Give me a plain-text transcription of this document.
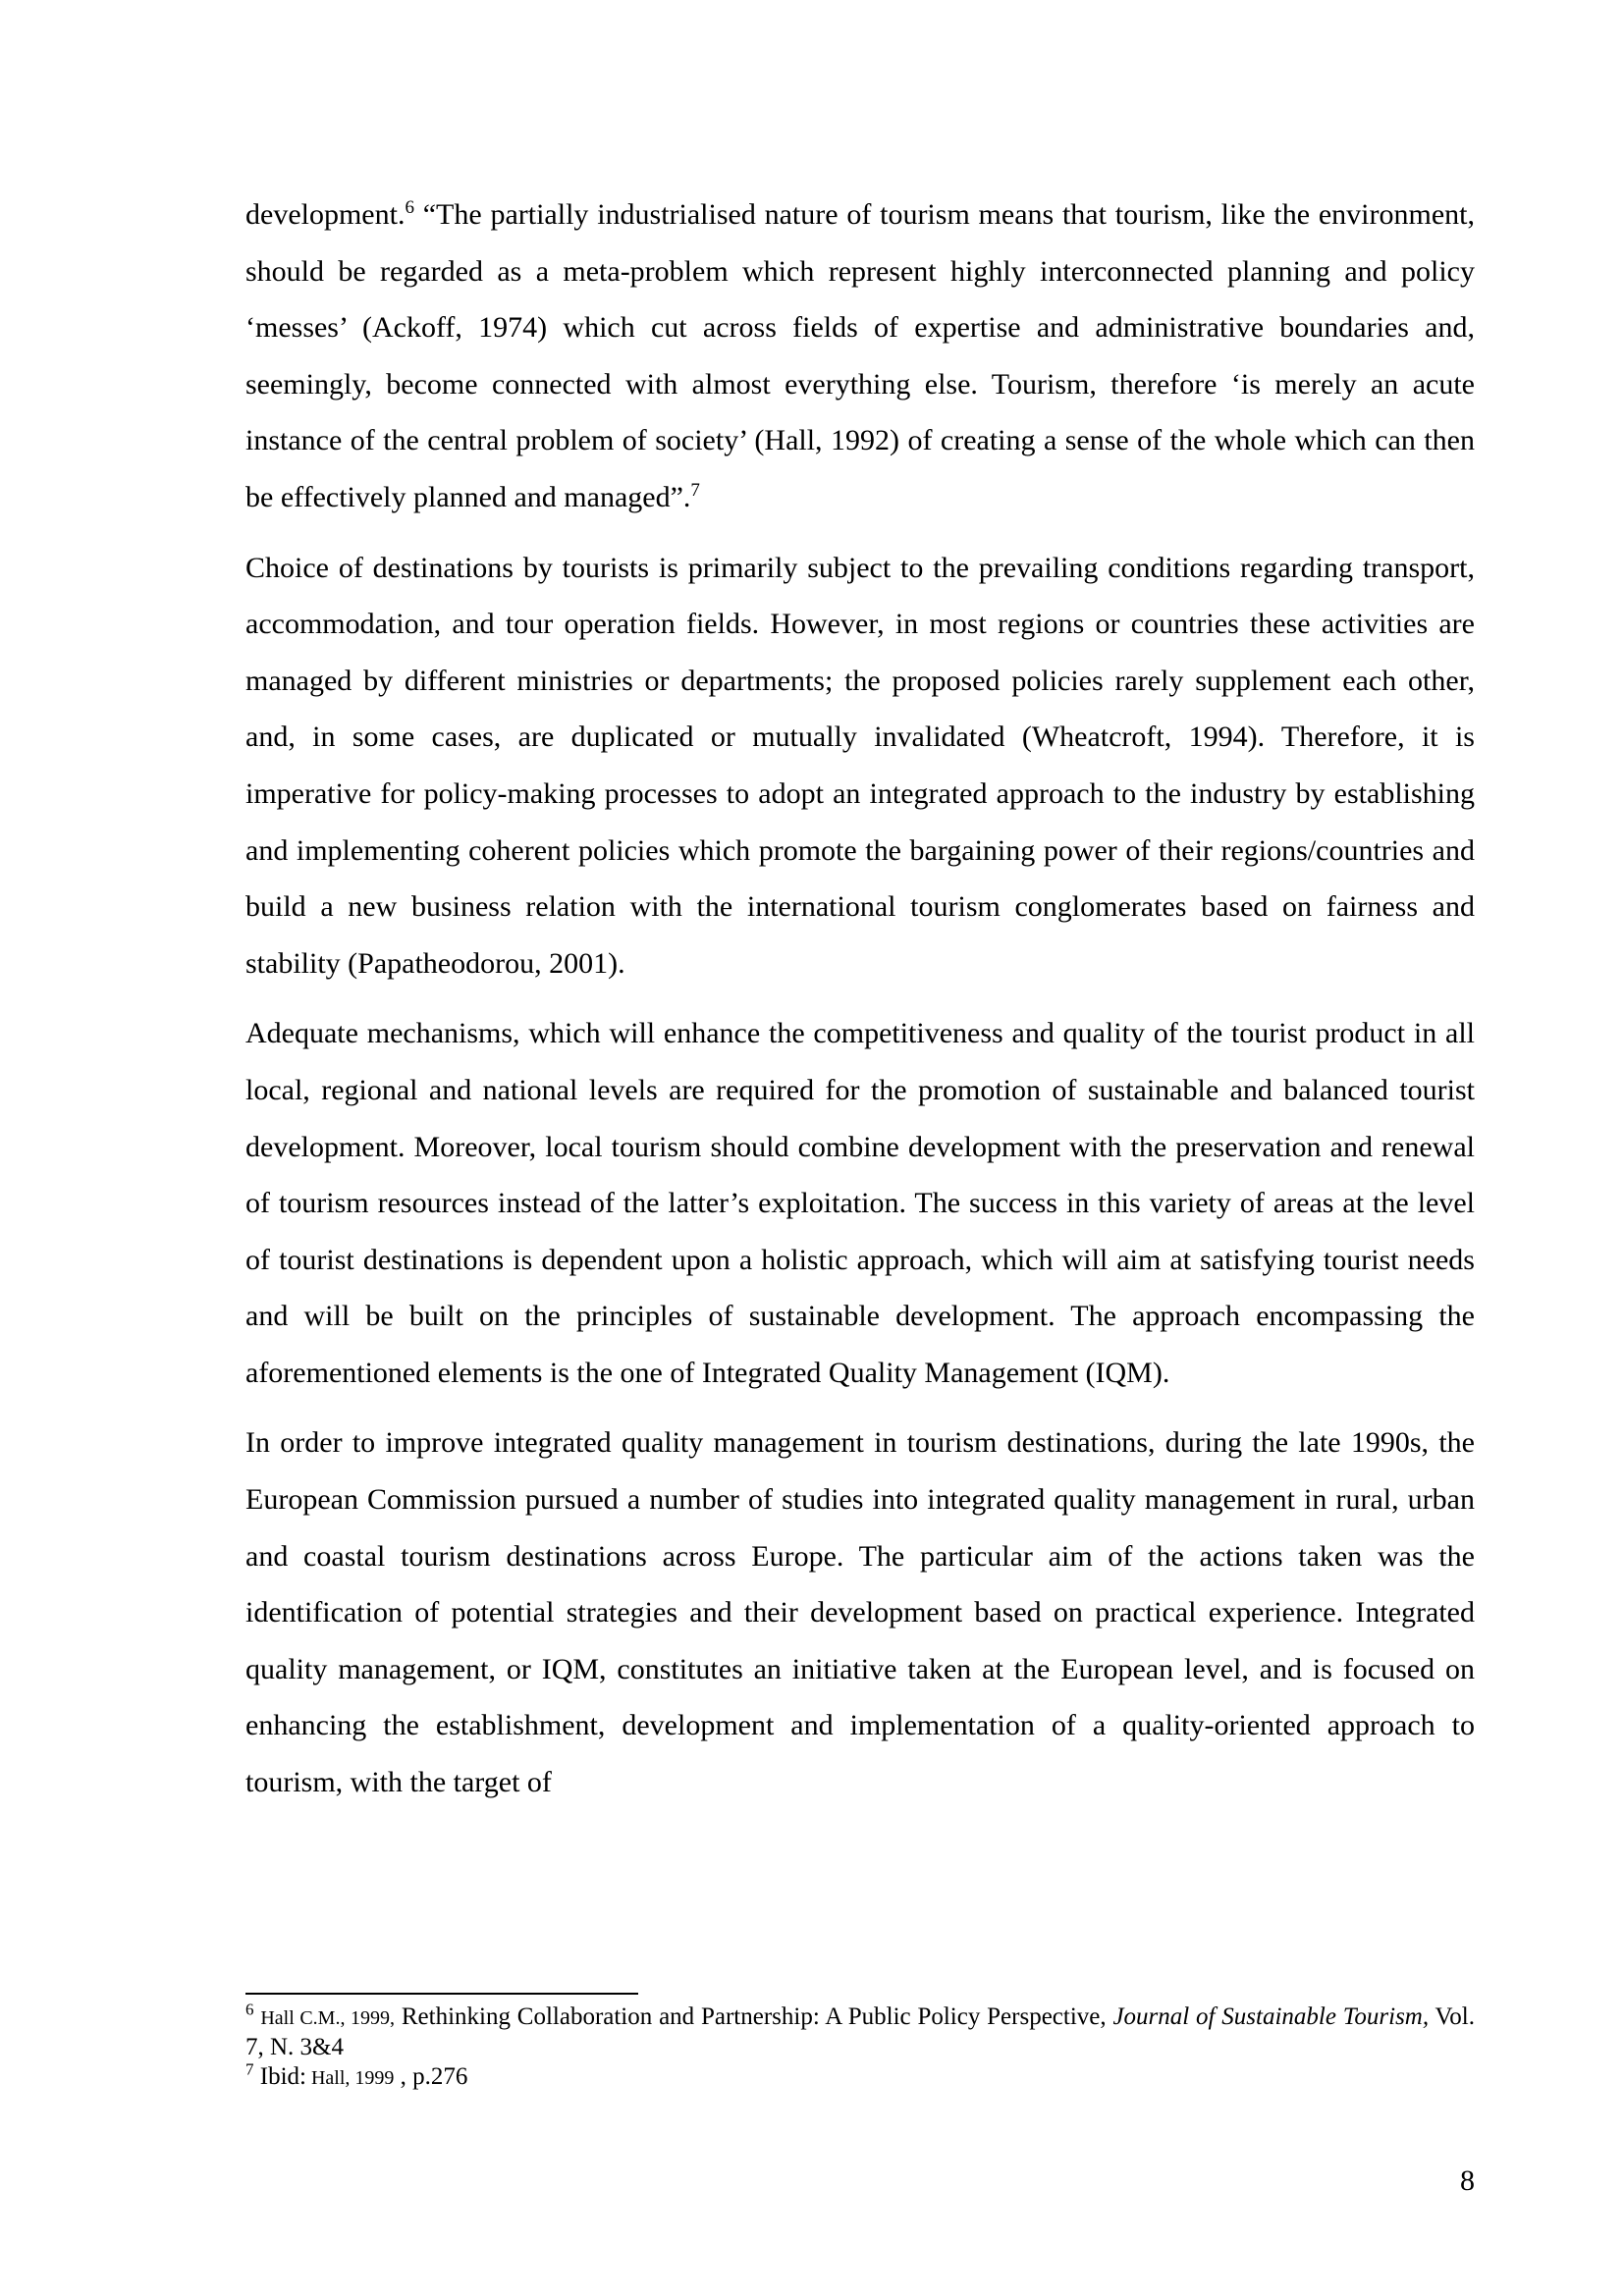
development.$^6$ “The partially industrialised nature of tourism means that tourism, like the environment, should be regarded as a meta-problem which represent highly interconnected planning and policy ‘messes’ (Ackoff, 1974) which cut across fields of expertise and administrative boundaries and, seemingly, become connected with almost everything else. Tourism, therefore ‘is merely an acute instance of the central problem of society’ (Hall, 1992) of creating a sense of the whole which can then be effectively planned and managed”.$^7$

Choice of destinations by tourists is primarily subject to the prevailing conditions regarding transport, accommodation, and tour operation fields. However, in most regions or countries these activities are managed by different ministries or departments; the proposed policies rarely supplement each other, and, in some cases, are duplicated or mutually invalidated (Wheatcroft, 1994). Therefore, it is imperative for policy-making processes to adopt an integrated approach to the industry by establishing and implementing coherent policies which promote the bargaining power of their regions/countries and build a new business relation with the international tourism conglomerates based on fairness and stability (Papatheodorou, 2001).

Adequate mechanisms, which will enhance the competitiveness and quality of the tourist product in all local, regional and national levels are required for the promotion of sustainable and balanced tourist development. Moreover, local tourism should combine development with the preservation and renewal of tourism resources instead of the latter’s exploitation. The success in this variety of areas at the level of tourist destinations is dependent upon a holistic approach, which will aim at satisfying tourist needs and will be built on the principles of sustainable development. The approach encompassing the aforementioned elements is the one of Integrated Quality Management (IQM).

In order to improve integrated quality management in tourism destinations, during the late 1990s, the European Commission pursued a number of studies into integrated quality management in rural, urban and coastal tourism destinations across Europe. The particular aim of the actions taken was the identification of potential strategies and their development based on practical experience. Integrated quality management, or IQM, constitutes an initiative taken at the European level, and is focused on enhancing the establishment, development and implementation of a quality-oriented approach to tourism, with the target of

$^6$ Hall C.M., 1999, Rethinking Collaboration and Partnership: A Public Policy Perspective, Journal of Sustainable Tourism, Vol. 7, N. 3&4

$^7$ Ibid: Hall, 1999 , p.276

8
